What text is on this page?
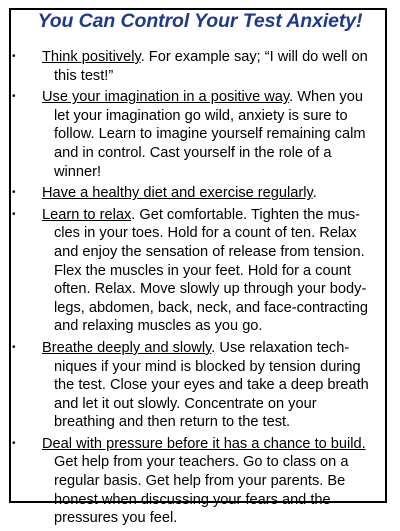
You Can Control Your Test Anxiety!
• Think positively. For example say; “I will do well on
this test!”
• Use your imagination in a positive way. When you
let your imagination go wild, anxiety is sure to
follow. Learn to imagine yourself remaining calm
and in control. Cast yourself in the role of a
winner!
• Have a healthy diet and exercise regularly.
• Learn to relax. Get comfortable. Tighten the mus-
cles in your toes. Hold for a count of ten. Relax
and enjoy the sensation of release from tension.
Flex the muscles in your feet. Hold for a count
often. Relax. Move slowly up through your body-
legs, abdomen, back, neck, and face-contracting
and relaxing muscles as you go.
• Breathe deeply and slowly. Use relaxation tech-
niques if your mind is blocked by tension during
the test. Close your eyes and take a deep breath
and let it out slowly. Concentrate on your
breathing and then return to the test.
• Deal with pressure before it has a chance to build.
Get help from your teachers. Go to class on a
regular basis. Get help from your parents. Be
honest when discussing your fears and the
pressures you feel.
